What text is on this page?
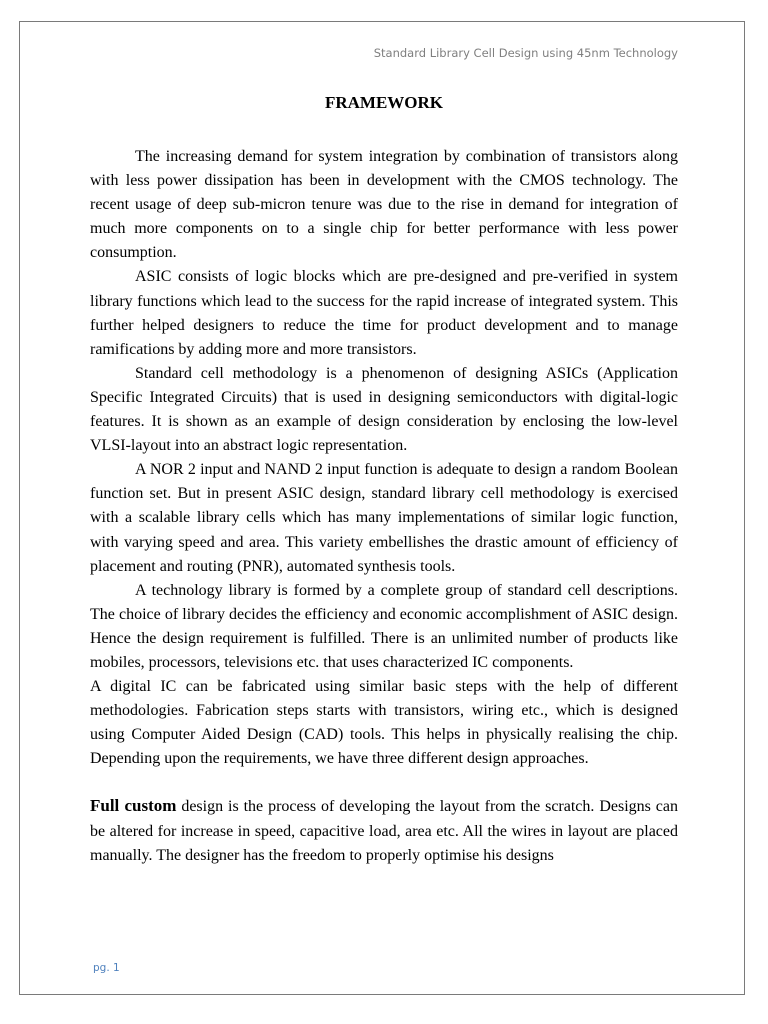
Standard Library Cell Design using 45nm Technology
FRAMEWORK

The increasing demand for system integration by combination of transistors along with less power dissipation has been in development with the CMOS technology. The recent usage of deep sub-micron tenure was due to the rise in demand for integration of much more components on to a single chip for better performance with less power consumption.

ASIC consists of logic blocks which are pre-designed and pre-verified in system library functions which lead to the success for the rapid increase of integrated system. This further helped designers to reduce the time for product development and to manage ramifications by adding more and more transistors.

Standard cell methodology is a phenomenon of designing ASICs (Application Specific Integrated Circuits) that is used in designing semiconductors with digital-logic features. It is shown as an example of design consideration by enclosing the low-level VLSI-layout into an abstract logic representation.

A NOR 2 input and NAND 2 input function is adequate to design a random Boolean function set. But in present ASIC design, standard library cell methodology is exercised with a scalable library cells which has many implementations of similar logic function, with varying speed and area. This variety embellishes the drastic amount of efficiency of placement and routing (PNR), automated synthesis tools.

A technology library is formed by a complete group of standard cell descriptions. The choice of library decides the efficiency and economic accomplishment of ASIC design. Hence the design requirement is fulfilled. There is an unlimited number of products like mobiles, processors, televisions etc. that uses characterized IC components.

A digital IC can be fabricated using similar basic steps with the help of different methodologies. Fabrication steps starts with transistors, wiring etc., which is designed using Computer Aided Design (CAD) tools. This helps in physically realising the chip. Depending upon the requirements, we have three different design approaches.

Full custom design is the process of developing the layout from the scratch. Designs can be altered for increase in speed, capacitive load, area etc. All the wires in layout are placed manually. The designer has the freedom to properly optimise his designs

pg. 1
